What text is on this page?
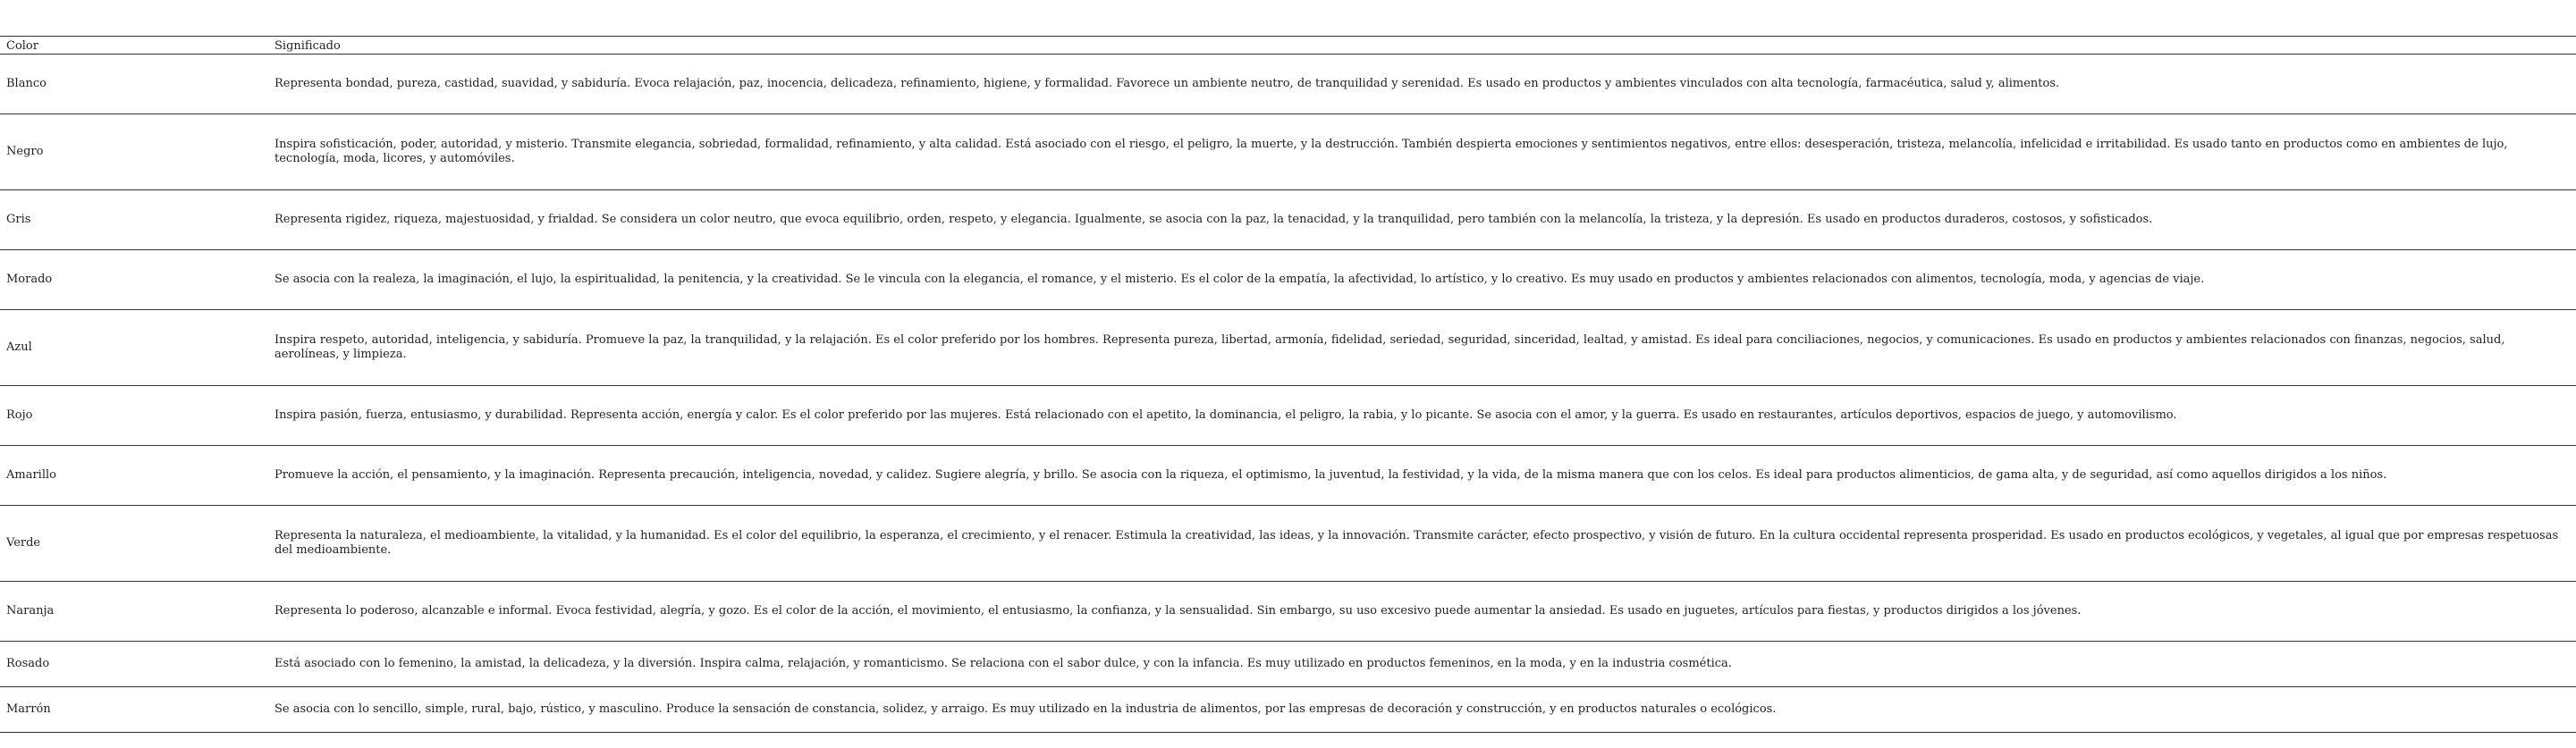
Color	Significado
Blanco	Representa bondad, pureza, castidad, suavidad, y sabiduría. Evoca relajación, paz, inocencia, delicadeza, refinamiento, higiene, y formalidad. Favorece un ambiente neutro, de tranquilidad y serenidad. Es usado en productos y ambientes vinculados con alta tecnología, farmacéutica, salud y, alimentos.
Negro	Inspira sofisticación, poder, autoridad, y misterio. Transmite elegancia, sobriedad, formalidad, refinamiento, y alta calidad. Está asociado con el riesgo, el peligro, la muerte, y la destrucción. También despierta emociones y sentimientos negativos, entre ellos: desesperación, tristeza, melancolía, infelicidad e irritabilidad. Es usado tanto en productos como en ambientes de lujo, tecnología, moda, licores, y automóviles.
Gris	Representa rigidez, riqueza, majestuosidad, y frialdad. Se considera un color neutro, que evoca equilibrio, orden, respeto, y elegancia. Igualmente, se asocia con la paz, la tenacidad, y la tranquilidad, pero también con la melancolía, la tristeza, y la depresión. Es usado en productos duraderos, costosos, y sofisticados.
Morado	Se asocia con la realeza, la imaginación, el lujo, la espiritualidad, la penitencia, y la creatividad. Se le vincula con la elegancia, el romance, y el misterio. Es el color de la empatía, la afectividad, lo artístico, y lo creativo. Es muy usado en productos y ambientes relacionados con alimentos, tecnología, moda, y agencias de viaje.
Azul	Inspira respeto, autoridad, inteligencia, y sabiduría. Promueve la paz, la tranquilidad, y la relajación. Es el color preferido por los hombres. Representa pureza, libertad, armonía, fidelidad, seriedad, seguridad, sinceridad, lealtad, y amistad. Es ideal para conciliaciones, negocios, y comunicaciones. Es usado en productos y ambientes relacionados con finanzas, negocios, salud, aerolíneas, y limpieza.
Rojo	Inspira pasión, fuerza, entusiasmo, y durabilidad. Representa acción, energía y calor. Es el color preferido por las mujeres. Está relacionado con el apetito, la dominancia, el peligro, la rabia, y lo picante. Se asocia con el amor, y la guerra. Es usado en restaurantes, artículos deportivos, espacios de juego, y automovilismo.
Amarillo	Promueve la acción, el pensamiento, y la imaginación. Representa precaución, inteligencia, novedad, y calidez. Sugiere alegría, y brillo. Se asocia con la riqueza, el optimismo, la juventud, la festividad, y la vida, de la misma manera que con los celos. Es ideal para productos alimenticios, de gama alta, y de seguridad, así como aquellos dirigidos a los niños.
Verde	Representa la naturaleza, el medioambiente, la vitalidad, y la humanidad. Es el color del equilibrio, la esperanza, el crecimiento, y el renacer. Estimula la creatividad, las ideas, y la innovación. Transmite carácter, efecto prospectivo, y visión de futuro. En la cultura occidental representa prosperidad. Es usado en productos ecológicos, y vegetales, al igual que por empresas respetuosas del medioambiente.
Naranja	Representa lo poderoso, alcanzable e informal. Evoca festividad, alegría, y gozo. Es el color de la acción, el movimiento, el entusiasmo, la confianza, y la sensualidad. Sin embargo, su uso excesivo puede aumentar la ansiedad. Es usado en juguetes, artículos para fiestas, y productos dirigidos a los jóvenes.
Rosado	Está asociado con lo femenino, la amistad, la delicadeza, y la diversión. Inspira calma, relajación, y romanticismo. Se relaciona con el sabor dulce, y con la infancia. Es muy utilizado en productos femeninos, en la moda, y en la industria cosmética.
Marrón	Se asocia con lo sencillo, simple, rural, bajo, rústico, y masculino. Produce la sensación de constancia, solidez, y arraigo. Es muy utilizado en la industria de alimentos, por las empresas de decoración y construcción, y en productos naturales o ecológicos.
